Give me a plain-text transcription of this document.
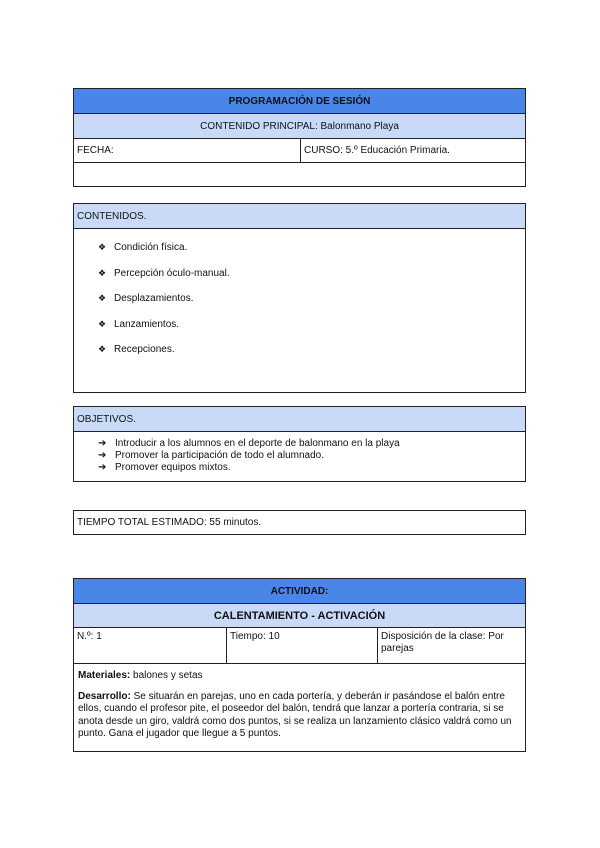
PROGRAMACIÓN DE SESIÓN
CONTENIDO PRINCIPAL: Balonmano Playa
FECHA:	CURSO: 5.º Educación Primaria.
CONTENIDOS.
❖ Condición física.
❖ Percepción óculo-manual.
❖ Desplazamientos.
❖ Lanzamientos.
❖ Recepciones.
OBJETIVOS.
➔ Introducir a los alumnos en el deporte de balonmano en la playa
➔ Promover la participación de todo el alumnado.
➔ Promover equipos mixtos.
TIEMPO TOTAL ESTIMADO: 55 minutos.
ACTIVIDAD:
CALENTAMIENTO - ACTIVACIÓN
N.º: 1	Tiempo: 10	Disposición de la clase: Por parejas

Materiales: balones y setas

Desarrollo: Se situarán en parejas, uno en cada portería, y deberán ir pasándose el balón entre ellos, cuando el profesor pite, el poseedor del balón, tendrá que lanzar a portería contraria, si se anota desde un giro, valdrá como dos puntos, si se realiza un lanzamiento clásico valdrá como un punto. Gana el jugador que llegue a 5 puntos.
